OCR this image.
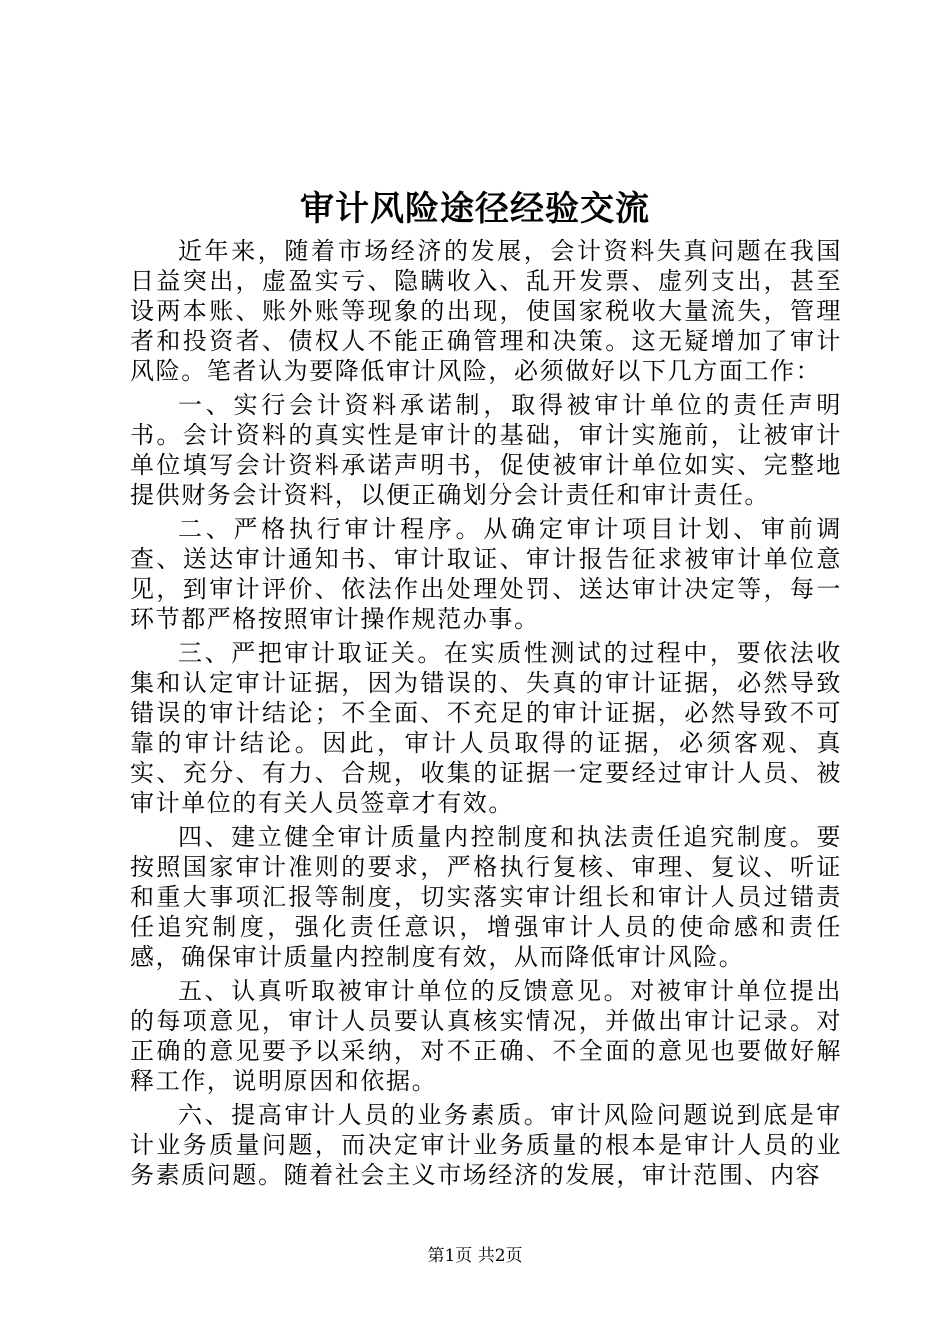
审计风险途径经验交流

近年来，随着市场经济的发展，会计资料失真问题在我国日益突出，虚盈实亏、隐瞒收入、乱开发票、虚列支出，甚至设两本账、账外账等现象的出现，使国家税收大量流失，管理者和投资者、债权人不能正确管理和决策。这无疑增加了审计风险。笔者认为要降低审计风险，必须做好以下几方面工作：

一、实行会计资料承诺制，取得被审计单位的责任声明书。会计资料的真实性是审计的基础，审计实施前，让被审计单位填写会计资料承诺声明书，促使被审计单位如实、完整地提供财务会计资料，以便正确划分会计责任和审计责任。

二、严格执行审计程序。从确定审计项目计划、审前调查、送达审计通知书、审计取证、审计报告征求被审计单位意见，到审计评价、依法作出处理处罚、送达审计决定等，每一环节都严格按照审计操作规范办事。

三、严把审计取证关。在实质性测试的过程中，要依法收集和认定审计证据，因为错误的、失真的审计证据，必然导致错误的审计结论；不全面、不充足的审计证据，必然导致不可靠的审计结论。因此，审计人员取得的证据，必须客观、真实、充分、有力、合规，收集的证据一定要经过审计人员、被审计单位的有关人员签章才有效。

四、建立健全审计质量内控制度和执法责任追究制度。要按照国家审计准则的要求，严格执行复核、审理、复议、听证和重大事项汇报等制度，切实落实审计组长和审计人员过错责任追究制度，强化责任意识，增强审计人员的使命感和责任感，确保审计质量内控制度有效，从而降低审计风险。

五、认真听取被审计单位的反馈意见。对被审计单位提出的每项意见，审计人员要认真核实情况，并做出审计记录。对正确的意见要予以采纳，对不正确、不全面的意见也要做好解释工作，说明原因和依据。

六、提高审计人员的业务素质。审计风险问题说到底是审计业务质量问题，而决定审计业务质量的根本是审计人员的业务素质问题。随着社会主义市场经济的发展，审计范围、内容

第1页 共2页
